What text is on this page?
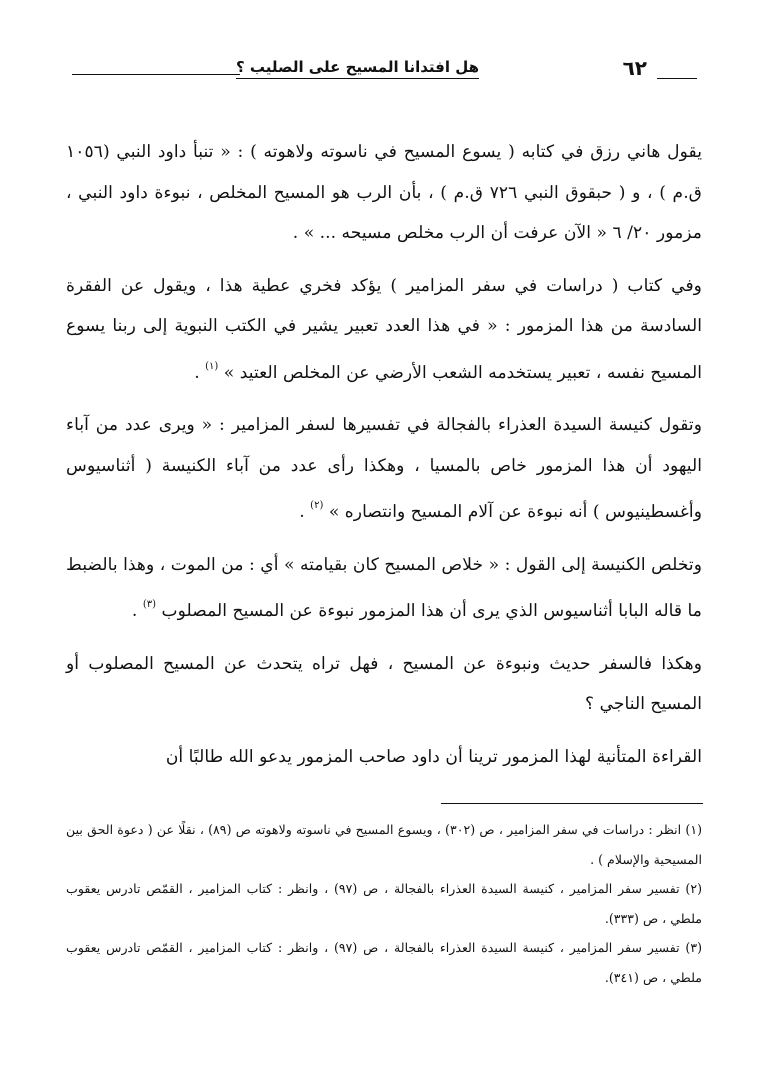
هل افتدانا المسيح على الصليب ؟	٦٢

يقول هاني رزق في كتابه ( يسوع المسيح في ناسوته ولاهوته ) : « تنبأ داود النبي (١٠٥٦ ق.م ) ، و ( حبقوق النبي ٧٢٦ ق.م ) ، بأن الرب هو المسيح المخلص ، نبوءة داود النبي ، مزمور ٢٠/ ٦ « الآن عرفت أن الرب مخلص مسيحه ... » .

وفي كتاب ( دراسات في سفر المزامير ) يؤكد فخري عطية هذا ، ويقول عن الفقرة السادسة من هذا المزمور : « في هذا العدد تعبير يشير في الكتب النبوية إلى ربنا يسوع المسيح نفسه ، تعبير يستخدمه الشعب الأرضي عن المخلص العتيد » $^{(١)}$ .

وتقول كنيسة السيدة العذراء بالفجالة في تفسيرها لسفر المزامير : « ويرى عدد من آباء اليهود أن هذا المزمور خاص بالمسيا ، وهكذا رأى عدد من آباء الكنيسة ( أثناسيوس وأغسطينيوس ) أنه نبوءة عن آلام المسيح وانتصاره » $^{(٢)}$ .

وتخلص الكنيسة إلى القول : « خلاص المسيح كان بقيامته » أي : من الموت ، وهذا بالضبط ما قاله البابا أثناسيوس الذي يرى أن هذا المزمور نبوءة عن المسيح المصلوب $^{(٣)}$ .

وهكذا فالسفر حديث ونبوءة عن المسيح ، فهل تراه يتحدث عن المسيح المصلوب أو المسيح الناجي ؟

القراءة المتأنية لهذا المزمور ترينا أن داود صاحب المزمور يدعو الله طالبًا أن

(١) انظر : دراسات في سفر المزامير ، ص (٣٠٢) ، ويسوع المسيح في ناسوته ولاهوته ص (٨٩) ، نقلًا عن ( دعوة الحق بين المسيحية والإسلام ) .

(٢) تفسير سفر المزامير ، كنيسة السيدة العذراء بالفجالة ، ص (٩٧) ، وانظر : كتاب المزامير ، القمّص تادرس يعقوب ملطي ، ص (٣٣٣).

(٣) تفسير سفر المزامير ، كنيسة السيدة العذراء بالفجالة ، ص (٩٧) ، وانظر : كتاب المزامير ، القمّص تادرس يعقوب ملطي ، ص (٣٤١).
